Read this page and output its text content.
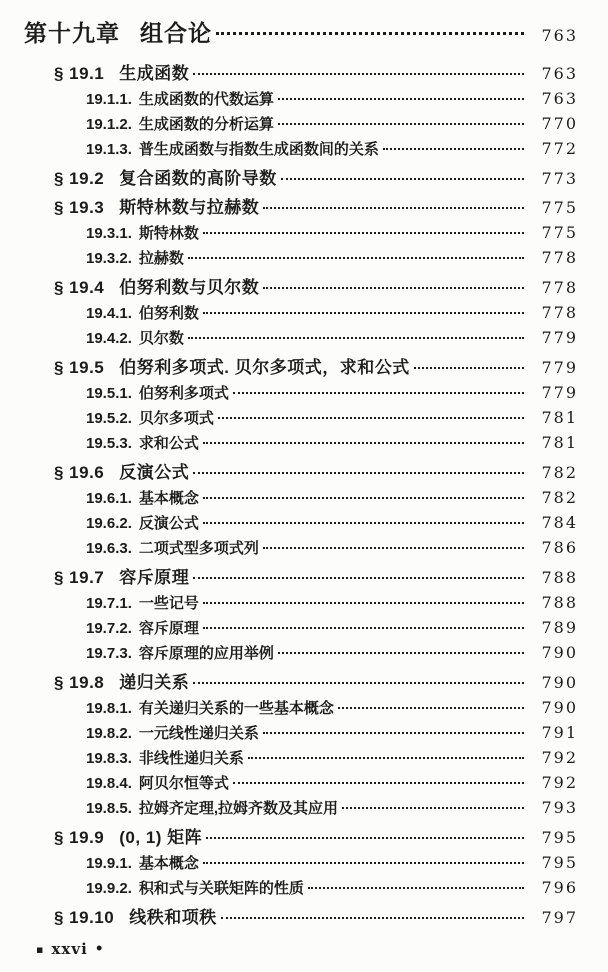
第十九章 组合论	763
§ 19.1 生成函数	763
19.1.1. 生成函数的代数运算	763
19.1.2. 生成函数的分析运算	770
19.1.3. 普生成函数与指数生成函数间的关系	772
§ 19.2 复合函数的高阶导数	773
§ 19.3 斯特林数与拉赫数	775
19.3.1. 斯特林数	775
19.3.2. 拉赫数	778
§ 19.4 伯努利数与贝尔数	778
19.4.1. 伯努利数	778
19.4.2. 贝尔数	779
§ 19.5 伯努利多项式. 贝尔多项式，求和公式	779
19.5.1. 伯努利多项式	779
19.5.2. 贝尔多项式	781
19.5.3. 求和公式	781
§ 19.6 反演公式	782
19.6.1. 基本概念	782
19.6.2. 反演公式	784
19.6.3. 二项式型多项式列	786
§ 19.7 容斥原理	788
19.7.1. 一些记号	788
19.7.2. 容斥原理	789
19.7.3. 容斥原理的应用举例	790
§ 19.8 递归关系	790
19.8.1. 有关递归关系的一些基本概念	790
19.8.2. 一元线性递归关系	791
19.8.3. 非线性递归关系	792
19.8.4. 阿贝尔恒等式	792
19.8.5. 拉姆齐定理,拉姆齐数及其应用	793
§ 19.9 (0, 1) 矩阵	795
19.9.1. 基本概念	795
19.9.2. 积和式与关联矩阵的性质	796
§ 19.10 线秩和项秩	797
▪ xxvi •
